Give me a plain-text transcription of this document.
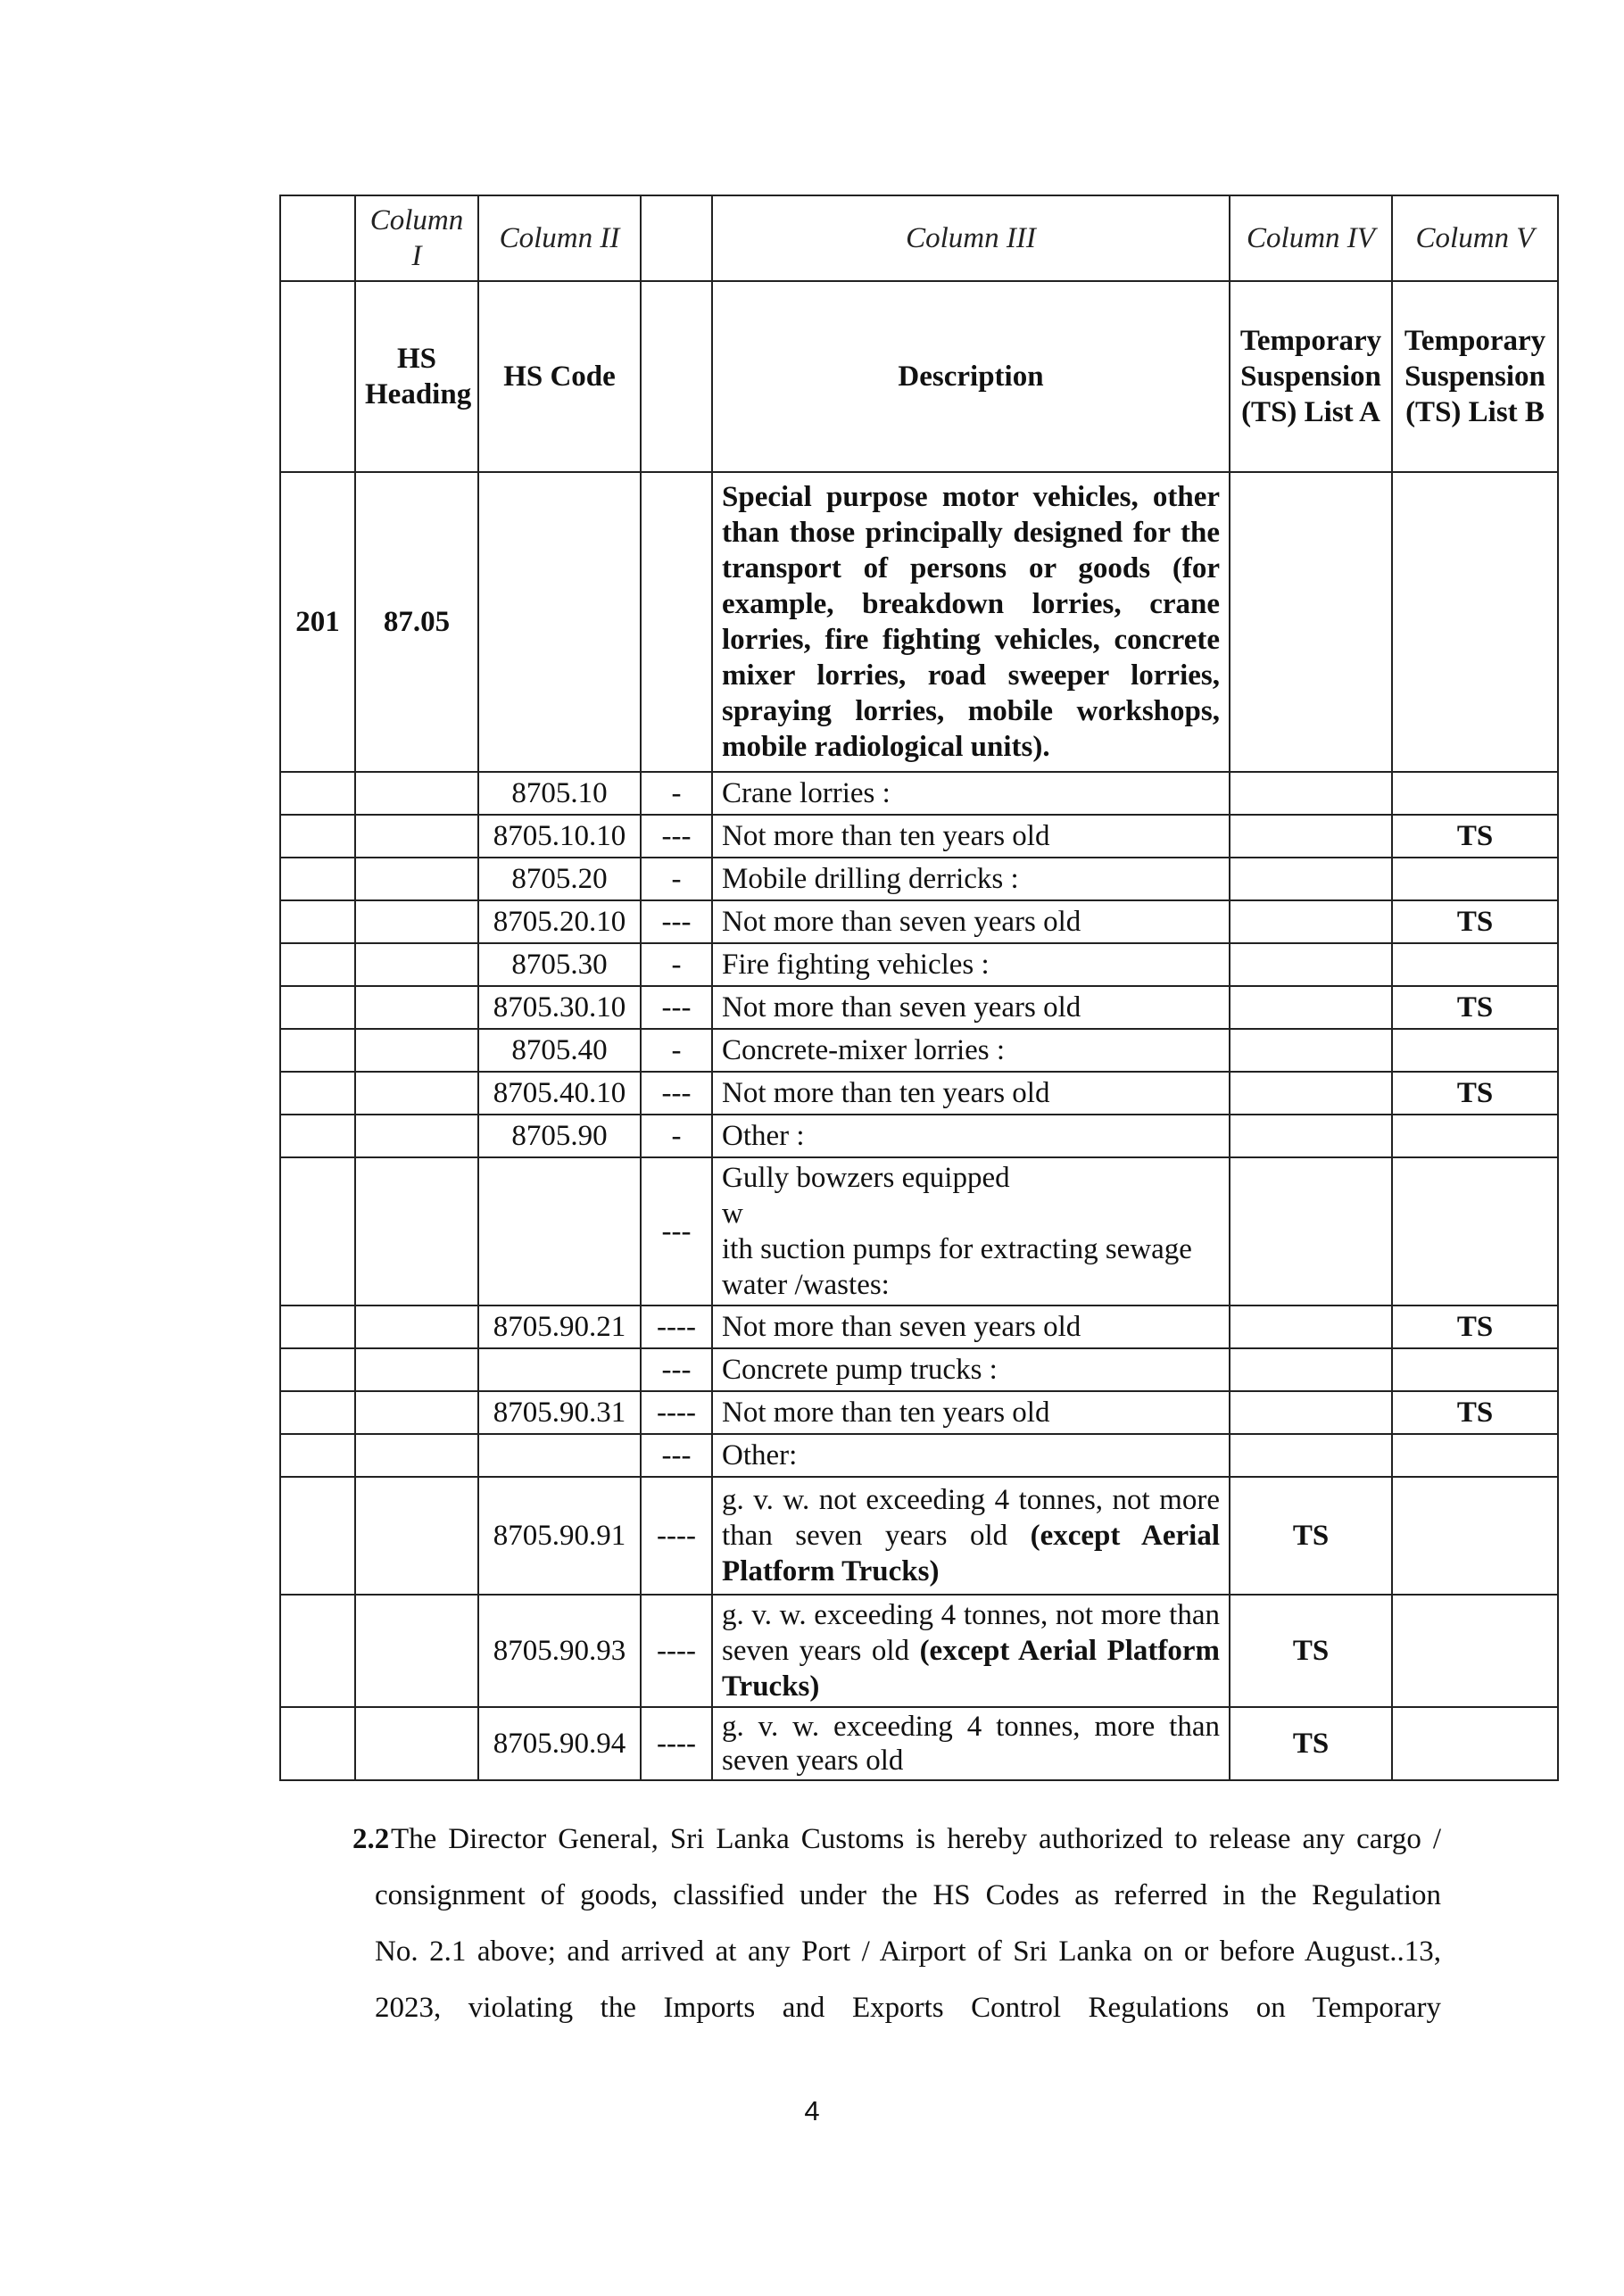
	Column I	Column II		Column III	Column IV	Column V
	HS Heading	HS Code		Description	Temporary Suspension (TS) List A	Temporary Suspension (TS) List B
201	87.05			Special purpose motor vehicles, other than those principally designed for the transport of persons or goods (for example, breakdown lorries, crane lorries, fire fighting vehicles, concrete mixer lorries, road sweeper lorries, spraying lorries, mobile workshops, mobile radiological units).		
		8705.10	-	Crane lorries :		
		8705.10.10	---	Not more than ten years old		TS
		8705.20	-	Mobile drilling derricks :		
		8705.20.10	---	Not more than seven years old		TS
		8705.30	-	Fire fighting vehicles :		
		8705.30.10	---	Not more than seven years old		TS
		8705.40	-	Concrete-mixer lorries :		
		8705.40.10	---	Not more than ten years old		TS
		8705.90	-	Other :		
			---	Gully bowzers equipped
w
ith suction pumps for extracting sewage
water /wastes:		

		8705.90.21	----	Not more than seven years old		TS
			---	Concrete pump trucks :		
		8705.90.31	----	Not more than ten years old		TS
			---	Other:		
		8705.90.91	----	g. v. w. not exceeding 4 tonnes, not more than seven years old (except Aerial Platform Trucks)	TS	
		8705.90.93	----	g. v. w. exceeding 4 tonnes, not more than seven years old (except Aerial Platform Trucks)	TS	
		8705.90.94	----	g. v. w. exceeding 4 tonnes, more than seven years old	TS	
2.2 The Director General, Sri Lanka Customs is hereby authorized to release any cargo /
consignment of goods, classified under the HS Codes as referred in the Regulation
No. 2.1 above; and arrived at any Port / Airport of Sri Lanka on or before August..13,
2023, violating the Imports and Exports Control Regulations on Temporary
4
